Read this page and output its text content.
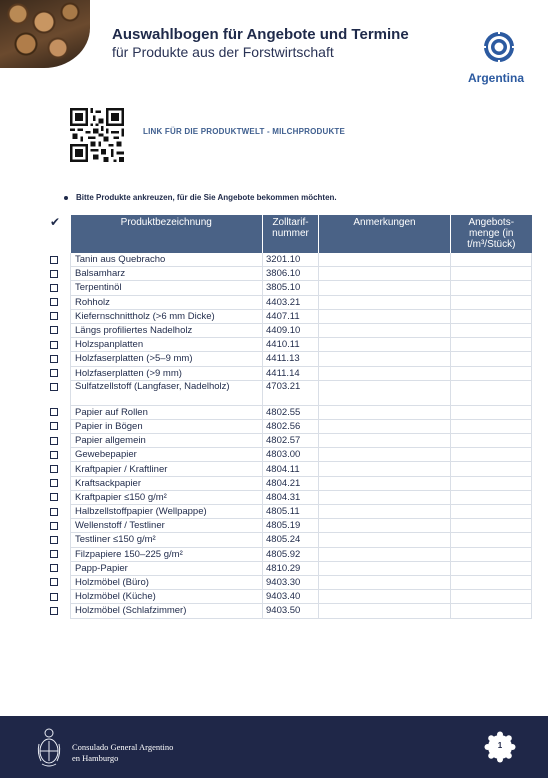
Auswahlbogen für Angebote und Termine
für Produkte aus der Forstwirtschaft
Argentina
LINK FÜR DIE PRODUKTWELT - MILCHPRODUKTE
Bitte Produkte ankreuzen, für die Sie Angebote bekommen möchten.
✔	Produktbezeichnung	Zolltarif-
nummer	Anmerkungen	Angebots-
menge (in
t/m³/Stück)
Tanin aus Quebracho	3201.10		
Balsamharz	3806.10		
Terpentinöl	3805.10		
Rohholz	4403.21		
Kiefernschnittholz (>6 mm Dicke)	4407.11		
Längs profiliertes Nadelholz	4409.10		
Holzspanplatten	4410.11		
Holzfaserplatten (>5–9 mm)	4411.13		
Holzfaserplatten (>9 mm)	4411.14		
Sulfatzellstoff (Langfaser, Nadelholz)	4703.21		
Papier auf Rollen	4802.55		
Papier in Bögen	4802.56		
Papier allgemein	4802.57		
Gewebepapier	4803.00		
Kraftpapier / Kraftliner	4804.11		
Kraftsackpapier	4804.21		
Kraftpapier ≤150 g/m²	4804.31		
Halbzellstoffpapier (Wellpappe)	4805.11		
Wellenstoff / Testliner	4805.19		
Testliner ≤150 g/m²	4805.24		
Filzpapiere 150–225 g/m²	4805.92		
Papp-Papier	4810.29		
Holzmöbel (Büro)	9403.30		
Holzmöbel (Küche)	9403.40		
Holzmöbel (Schlafzimmer)	9403.50		
Consulado General Argentino
en Hamburgo
1
